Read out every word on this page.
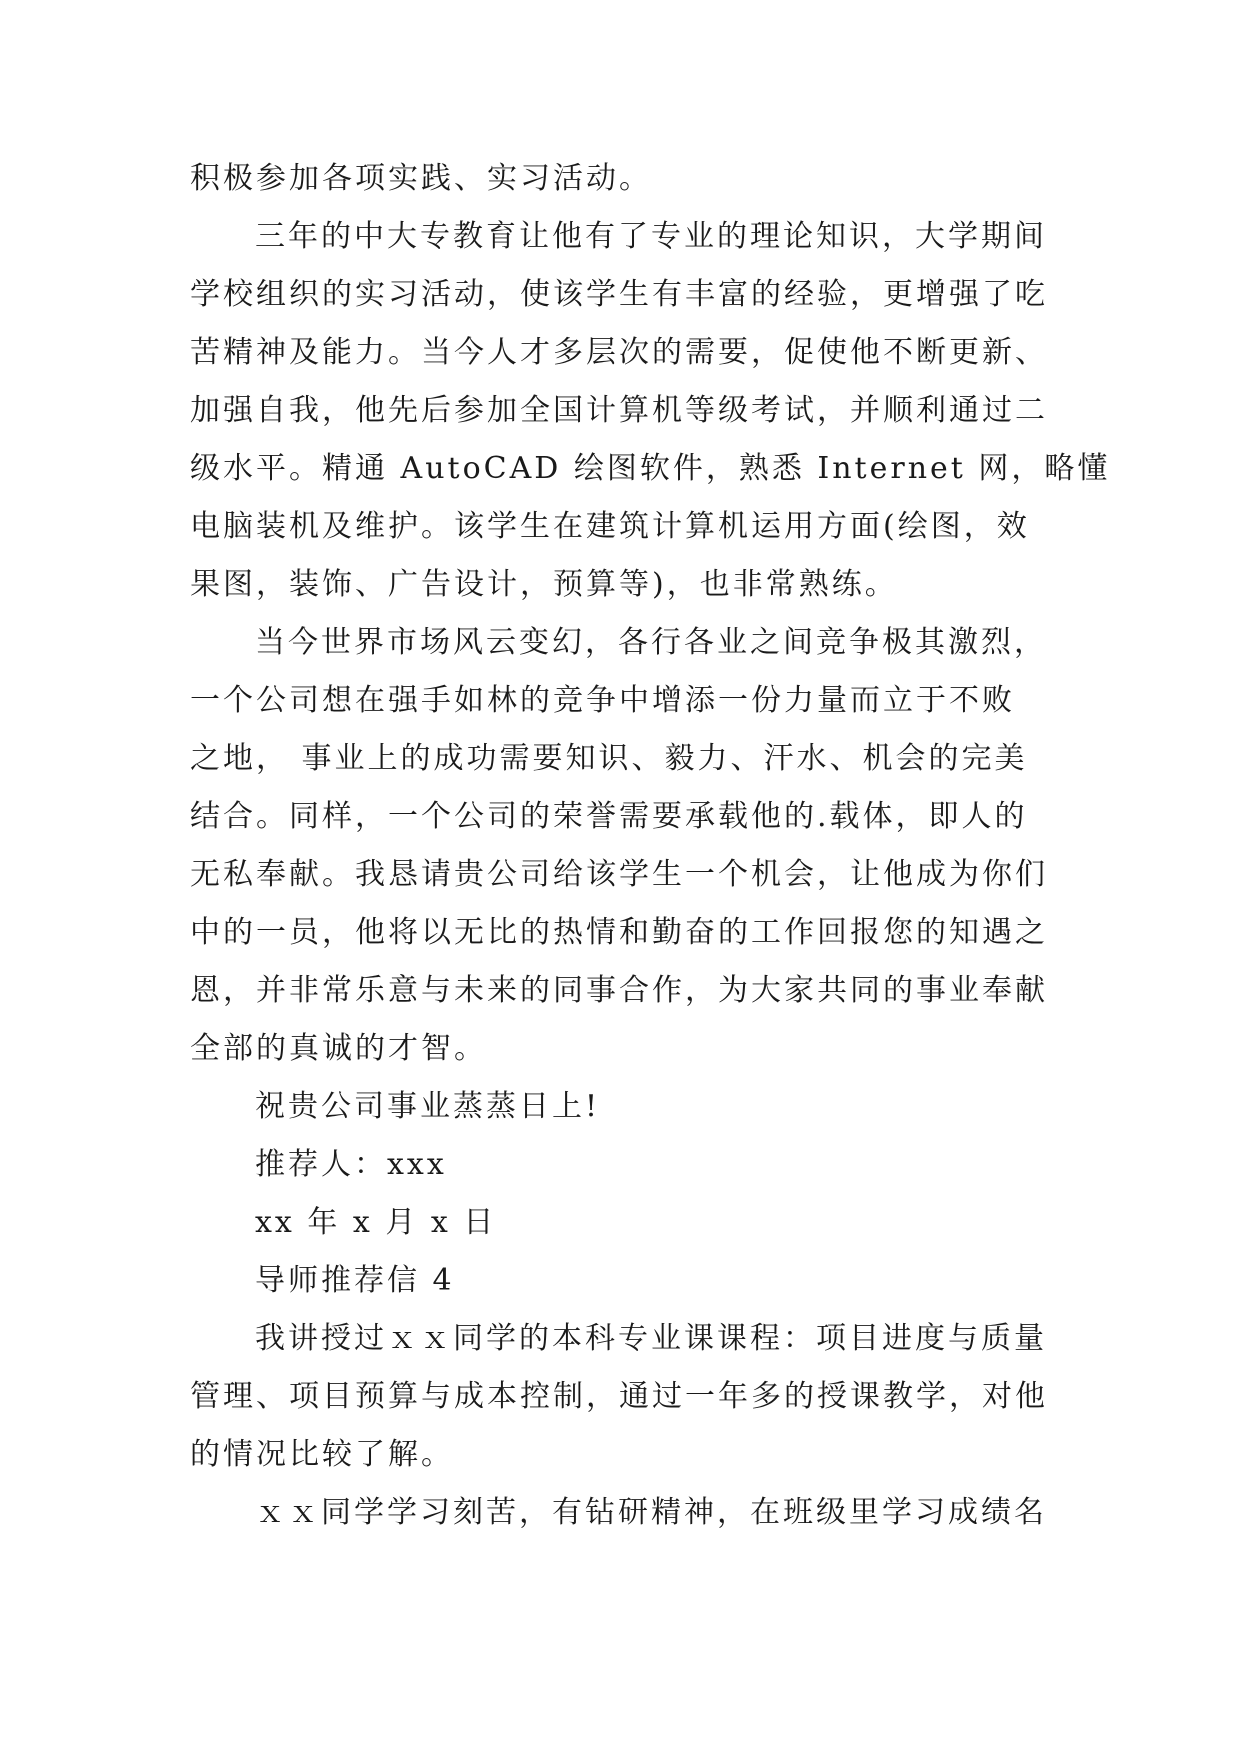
积极参加各项实践、实习活动。
三年的中大专教育让他有了专业的理论知识，大学期间
学校组织的实习活动，使该学生有丰富的经验，更增强了吃
苦精神及能力。当今人才多层次的需要，促使他不断更新、
加强自我，他先后参加全国计算机等级考试，并顺利通过二
级水平。精通 AutoCAD 绘图软件，熟悉 Internet 网，略懂
电脑装机及维护。该学生在建筑计算机运用方面(绘图，效
果图，装饰、广告设计，预算等)，也非常熟练。
当今世界市场风云变幻，各行各业之间竞争极其激烈，
一个公司想在强手如林的竞争中增添一份力量而立于不败
之地， 事业上的成功需要知识、毅力、汗水、机会的完美
结合。同样，一个公司的荣誉需要承载他的.载体，即人的
无私奉献。我恳请贵公司给该学生一个机会，让他成为你们
中的一员，他将以无比的热情和勤奋的工作回报您的知遇之
恩，并非常乐意与未来的同事合作，为大家共同的事业奉献
全部的真诚的才智。
祝贵公司事业蒸蒸日上!
推荐人：xxx
xx 年 x 月 x 日
导师推荐信 4
我讲授过ｘｘ同学的本科专业课课程：项目进度与质量
管理、项目预算与成本控制，通过一年多的授课教学，对他
的情况比较了解。
ｘｘ同学学习刻苦，有钻研精神，在班级里学习成绩名
